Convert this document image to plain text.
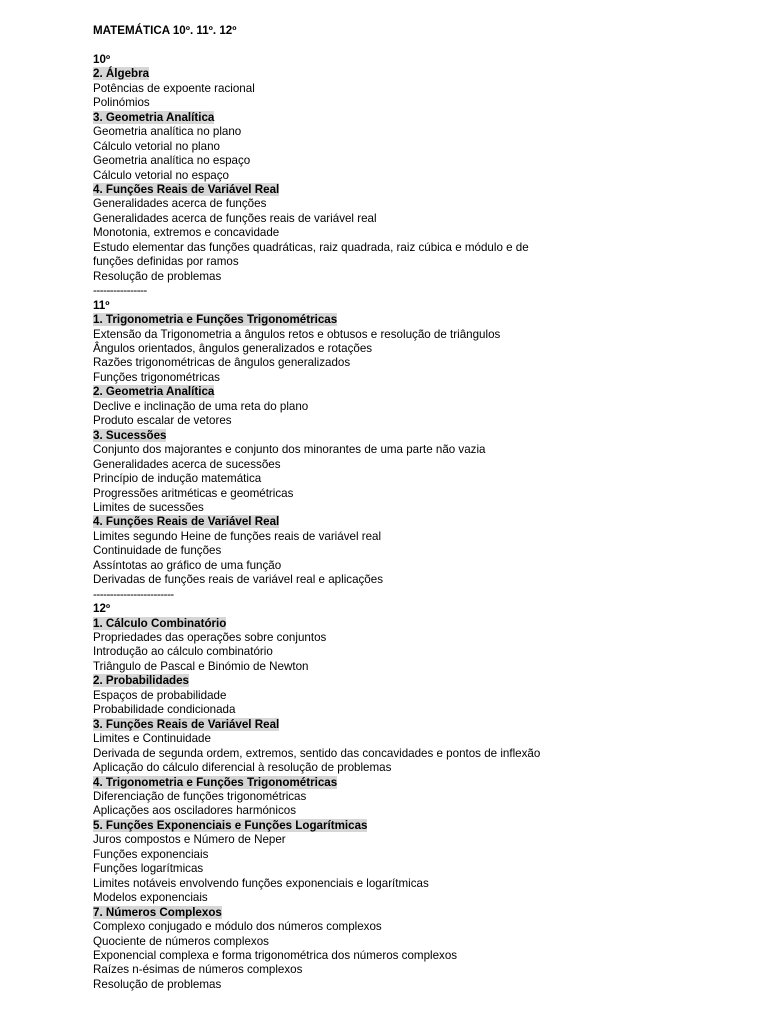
MATEMÁTICA 10º. 11º. 12º

10º
2. Álgebra
Potências de expoente racional
Polinómios
3. Geometria Analítica
Geometria analítica no plano
Cálculo vetorial no plano
Geometria analítica no espaço
Cálculo vetorial no espaço
4. Funções Reais de Variável Real
Generalidades acerca de funções
Generalidades acerca de funções reais de variável real
Monotonia, extremos e concavidade
Estudo elementar das funções quadráticas, raiz quadrada, raiz cúbica e módulo e de
funções definidas por ramos
Resolução de problemas
----------------
11º
1. Trigonometria e Funções Trigonométricas
Extensão da Trigonometria a ângulos retos e obtusos e resolução de triângulos
Ângulos orientados, ângulos generalizados e rotações
Razões trigonométricas de ângulos generalizados
Funções trigonométricas
2. Geometria Analítica
Declive e inclinação de uma reta do plano
Produto escalar de vetores
3. Sucessões
Conjunto dos majorantes e conjunto dos minorantes de uma parte não vazia
Generalidades acerca de sucessões
Princípio de indução matemática
Progressões aritméticas e geométricas
Limites de sucessões
4. Funções Reais de Variável Real
Limites segundo Heine de funções reais de variável real
Continuidade de funções
Assíntotas ao gráfico de uma função
Derivadas de funções reais de variável real e aplicações
------------------------
12º
1. Cálculo Combinatório
Propriedades das operações sobre conjuntos
Introdução ao cálculo combinatório
Triângulo de Pascal e Binómio de Newton
2. Probabilidades
Espaços de probabilidade
Probabilidade condicionada
3. Funções Reais de Variável Real
Limites e Continuidade
Derivada de segunda ordem, extremos, sentido das concavidades e pontos de inflexão
Aplicação do cálculo diferencial à resolução de problemas
4. Trigonometria e Funções Trigonométricas
Diferenciação de funções trigonométricas
Aplicações aos osciladores harmónicos
5. Funções Exponenciais e Funções Logarítmicas
Juros compostos e Número de Neper
Funções exponenciais
Funções logarítmicas
Limites notáveis envolvendo funções exponenciais e logarítmicas
Modelos exponenciais
7. Números Complexos
Complexo conjugado e módulo dos números complexos
Quociente de números complexos
Exponencial complexa e forma trigonométrica dos números complexos
Raízes n-ésimas de números complexos
Resolução de problemas
